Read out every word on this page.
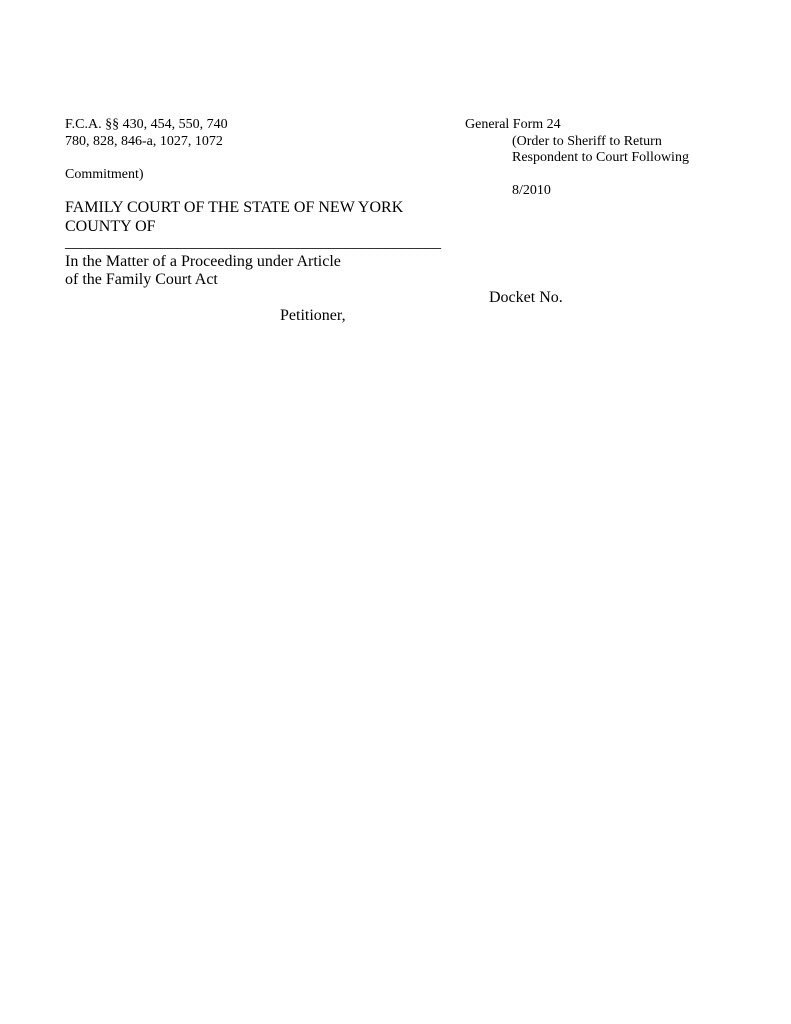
F.C.A. §§ 430, 454, 550, 740
780, 828, 846-a, 1027, 1072
General Form 24
(Order to Sheriff to Return
Respondent to Court Following
Commitment)
8/2010
FAMILY COURT OF THE STATE OF NEW YORK
COUNTY OF
_______________________________________________
In the Matter of a Proceeding under Article
of the Family Court Act
Docket No.
Petitioner,
